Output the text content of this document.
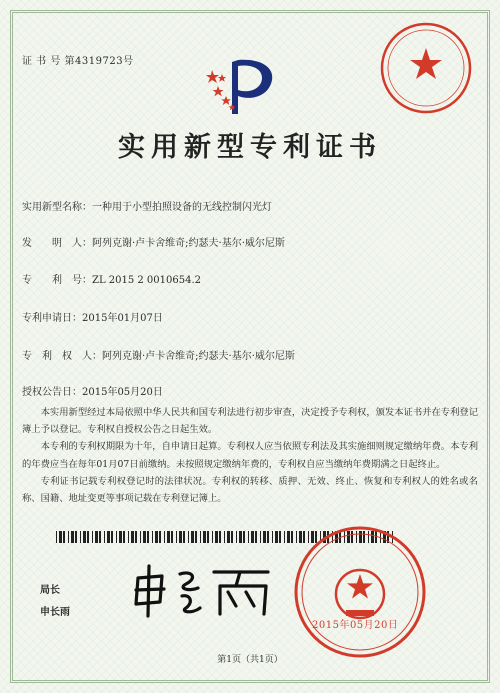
证 书 号 第4319723号
实用新型专利证书
实用新型名称：一种用于小型拍照设备的无线控制闪光灯
发　　明　人：阿列克谢·卢卡舍维奇;约瑟夫·基尔·威尔尼斯
专　　利　号：ZL 2015 2 0010654.2
专利申请日：2015年01月07日
专　利　权　人：阿列克谢·卢卡舍维奇;约瑟夫·基尔·威尔尼斯
授权公告日：2015年05月20日

本实用新型经过本局依照中华人民共和国专利法进行初步审查，决定授予专利权，颁发本证书并在专利登记簿上予以登记。专利权自授权公告之日起生效。

本专利的专利权期限为十年，自申请日起算。专利权人应当依照专利法及其实施细则规定缴纳年费。本专利的年费应当在每年01月07日前缴纳。未按照规定缴纳年费的，专利权自应当缴纳年费期满之日起终止。

专利证书记载专利权登记时的法律状况。专利权的转移、质押、无效、终止、恢复和专利权人的姓名或名称、国籍、地址变更等事项记载在专利登记簿上。

局长
申长雨
2015年05月20日
第1页（共1页）
